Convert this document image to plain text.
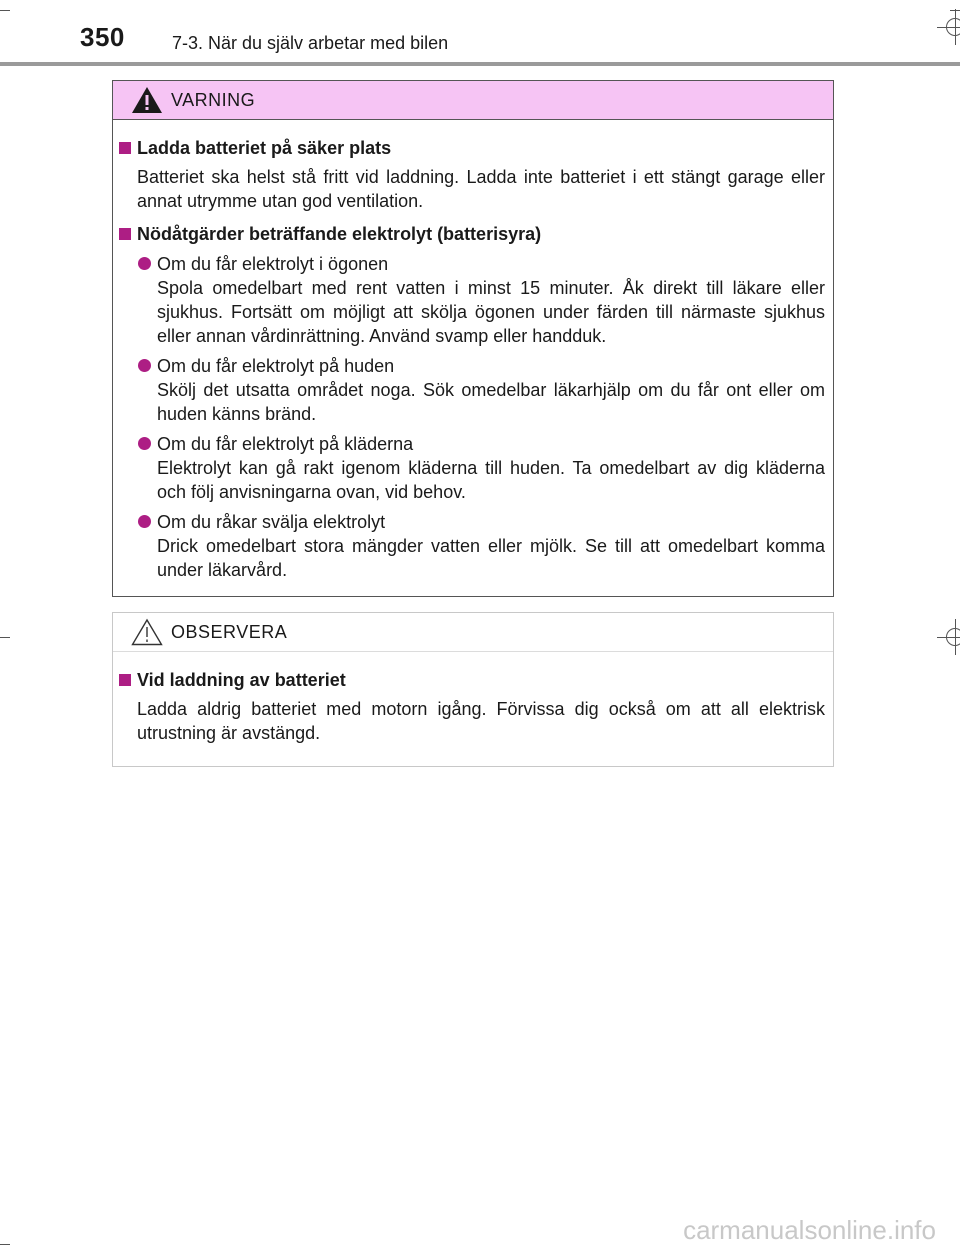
350	7-3. När du själv arbetar med bilen
VARNING
Ladda batteriet på säker plats
Batteriet ska helst stå fritt vid laddning. Ladda inte batteriet i ett stängt garage eller annat utrymme utan god ventilation.
Nödåtgärder beträffande elektrolyt (batterisyra)
Om du får elektrolyt i ögonen
Spola omedelbart med rent vatten i minst 15 minuter. Åk direkt till läkare eller sjukhus. Fortsätt om möjligt att skölja ögonen under färden till närmaste sjukhus eller annan vårdinrättning. Använd svamp eller handduk.
Om du får elektrolyt på huden
Skölj det utsatta området noga. Sök omedelbar läkarhjälp om du får ont eller om huden känns bränd.
Om du får elektrolyt på kläderna
Elektrolyt kan gå rakt igenom kläderna till huden. Ta omedelbart av dig kläderna och följ anvisningarna ovan, vid behov.
Om du råkar svälja elektrolyt
Drick omedelbart stora mängder vatten eller mjölk. Se till att omedelbart komma under läkarvård.
OBSERVERA
Vid laddning av batteriet
Ladda aldrig batteriet med motorn igång. Förvissa dig också om att all elektrisk utrustning är avstängd.
carmanualsonline.info
